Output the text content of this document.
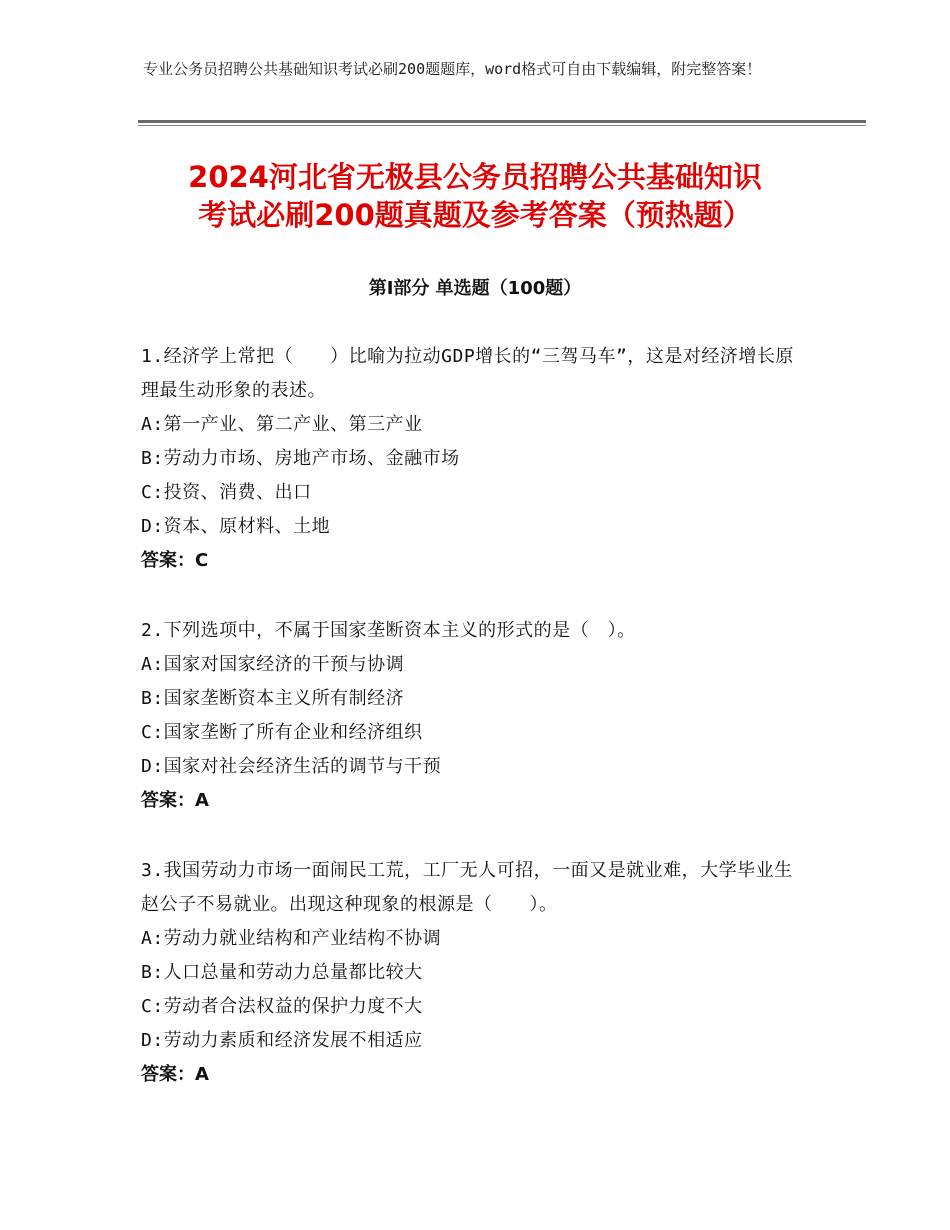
专业公务员招聘公共基础知识考试必刷200题题库，word格式可自由下载编辑，附完整答案！
2024河北省无极县公务员招聘公共基础知识
考试必刷200题真题及参考答案（预热题）
第Ⅰ部分 单选题（100题）

1.经济学上常把（　　）比喻为拉动GDP增长的“三驾马车”，这是对经济增长原理最生动形象的表述。

A:第一产业、第二产业、第三产业

B:劳动力市场、房地产市场、金融市场

C:投资、消费、出口

D:资本、原材料、土地

答案：C

2.下列选项中，不属于国家垄断资本主义的形式的是（　）。

A:国家对国家经济的干预与协调

B:国家垄断资本主义所有制经济

C:国家垄断了所有企业和经济组织

D:国家对社会经济生活的调节与干预

答案：A

3.我国劳动力市场一面闹民工荒，工厂无人可招，一面又是就业难，大学毕业生赵公子不易就业。出现这种现象的根源是（　　）。

A:劳动力就业结构和产业结构不协调

B:人口总量和劳动力总量都比较大

C:劳动者合法权益的保护力度不大

D:劳动力素质和经济发展不相适应

答案：A
